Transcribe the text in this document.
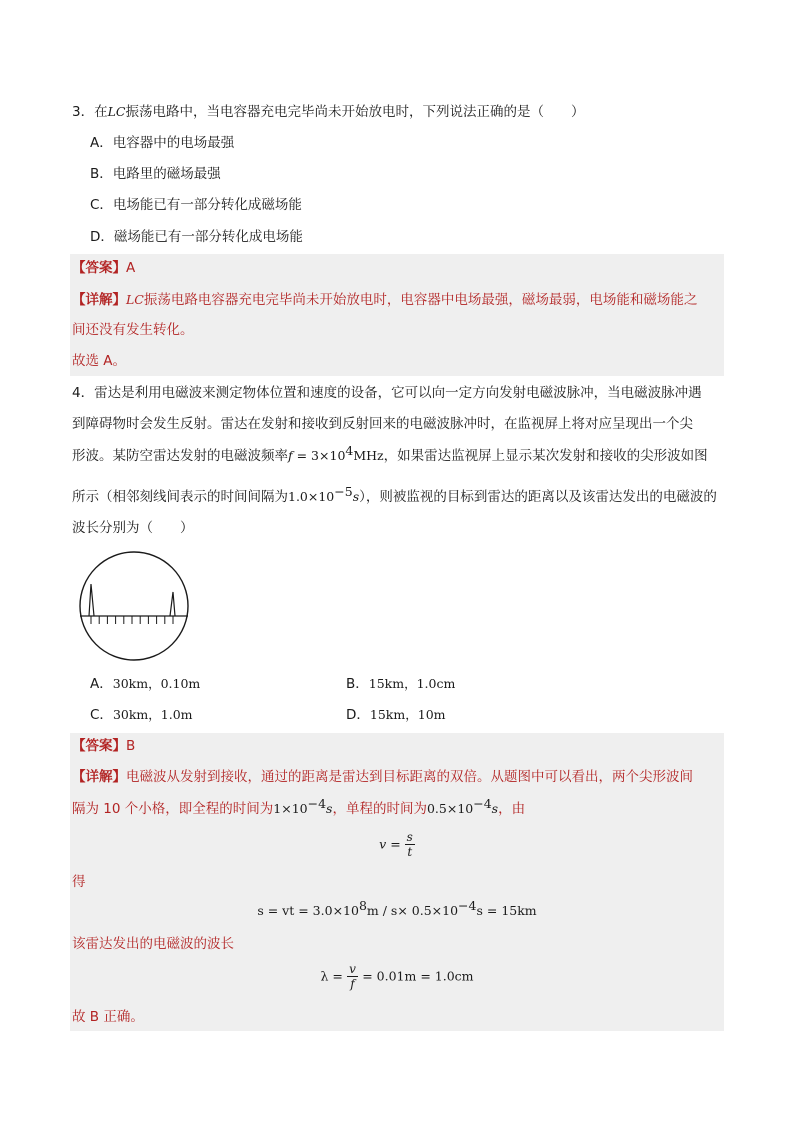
3．在LC振荡电路中，当电容器充电完毕尚未开始放电时，下列说法正确的是（　　）
A．电容器中的电场最强
B．电路里的磁场最强
C．电场能已有一部分转化成磁场能
D．磁场能已有一部分转化成电场能
【答案】A
【详解】LC振荡电路电容器充电完毕尚未开始放电时，电容器中电场最强，磁场最弱，电场能和磁场能之
间还没有发生转化。
故选 A。
4．雷达是利用电磁波来测定物体位置和速度的设备，它可以向一定方向发射电磁波脉冲，当电磁波脉冲遇
到障碍物时会发生反射。雷达在发射和接收到反射回来的电磁波脉冲时，在监视屏上将对应呈现出一个尖
形波。某防空雷达发射的电磁波频率$f = 3\times 10^4MHz$，如果雷达监视屏上显示某次发射和接收的尖形波如图
所示（相邻刻线间表示的时间间隔为$1.0\times 10^{-5}s$），则被监视的目标到雷达的距离以及该雷达发出的电磁波的
波长分别为（　　）
A．30km，0.10m	B．15km，1.0cm
C．30km，1.0m	D．15km，10m
【答案】B
【详解】电磁波从发射到接收，通过的距离是雷达到目标距离的双倍。从题图中可以看出，两个尖形波间
隔为 10 个小格，即全程的时间为$1\times 10^{-4}s$，单程的时间为$0.5\times 10^{-4}s$，由
$v = \frac{s}{t}$
得
s = vt = $3.0\times 10^8m / s\times 0.5\times 10^{-4}s = 15km$
该雷达发出的电磁波的波长
$\lambda = \frac{v}{f} = 0.01m = 1.0cm$
故 B 正确。
